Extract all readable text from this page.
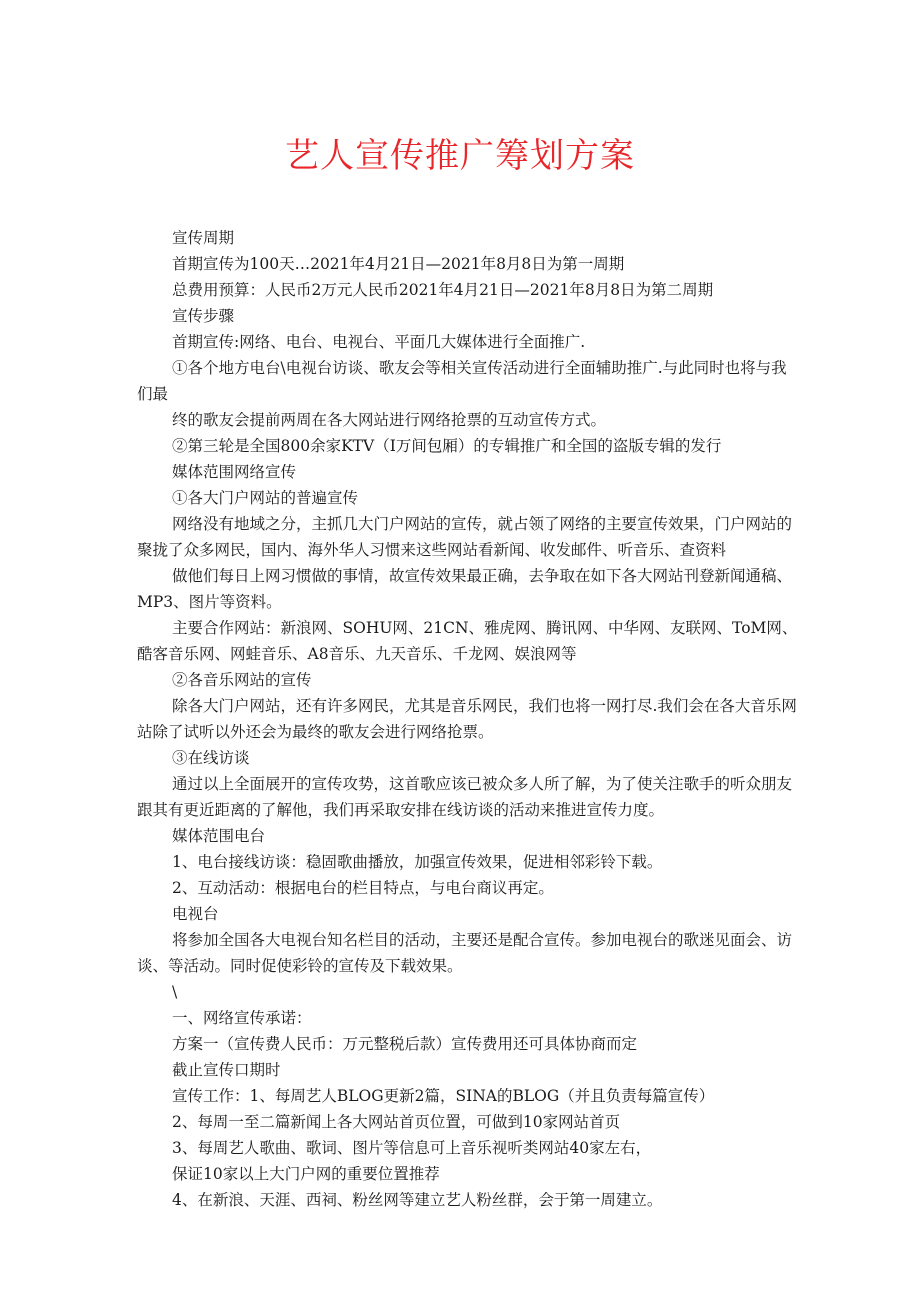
艺人宣传推广筹划方案

宣传周期

首期宣传为100天…2021年4月21日—2021年8月8日为第一周期

总费用预算：人民币2万元人民币2021年4月21日—2021年8月8日为第二周期

宣传步骤

首期宣传:网络、电台、电视台、平面几大媒体进行全面推广.

①各个地方电台\电视台访谈、歌友会等相关宣传活动进行全面辅助推广.与此同时也将与我们最

终的歌友会提前两周在各大网站进行网络抢票的互动宣传方式。

②第三轮是全国800余家KTV（I万间包厢）的专辑推广和全国的盗版专辑的发行

媒体范围网络宣传

①各大门户网站的普遍宣传

网络没有地域之分，主抓几大门户网站的宣传，就占领了网络的主要宣传效果，门户网站的聚拢了众多网民，国内、海外华人习惯来这些网站看新闻、收发邮件、听音乐、查资料

做他们每日上网习惯做的事情，故宣传效果最正确，去争取在如下各大网站刊登新闻通稿、MP3、图片等资料。

主要合作网站：新浪网、SOHU网、21CN、雅虎网、腾讯网、中华网、友联网、ToM网、酷客音乐网、网蛙音乐、A8音乐、九天音乐、千龙网、娱浪网等

②各音乐网站的宣传

除各大门户网站，还有许多网民，尤其是音乐网民，我们也将一网打尽.我们会在各大音乐网站除了试听以外还会为最终的歌友会进行网络抢票。

③在线访谈

通过以上全面展开的宣传攻势，这首歌应该已被众多人所了解，为了使关注歌手的听众朋友跟其有更近距离的了解他，我们再采取安排在线访谈的活动来推进宣传力度。

媒体范围电台

1、电台接线访谈：稳固歌曲播放，加强宣传效果，促进相邻彩铃下载。

2、互动活动：根据电台的栏目特点，与电台商议再定。

电视台

将参加全国各大电视台知名栏目的活动，主要还是配合宣传。参加电视台的歌迷见面会、访谈、等活动。同时促使彩铃的宣传及下载效果。

\

一、网络宣传承诺：

方案一（宣传费人民币：万元整税后款）宣传费用还可具体协商而定

截止宣传口期时

宣传工作：1、每周艺人BLOG更新2篇，SINA的BLOG（并且负责每篇宣传）

2、每周一至二篇新闻上各大网站首页位置，可做到10家网站首页

3、每周艺人歌曲、歌词、图片等信息可上音乐视听类网站40家左右，

保证10家以上大门户网的重要位置推荐

4、在新浪、天涯、西祠、粉丝网等建立艺人粉丝群，会于第一周建立。
